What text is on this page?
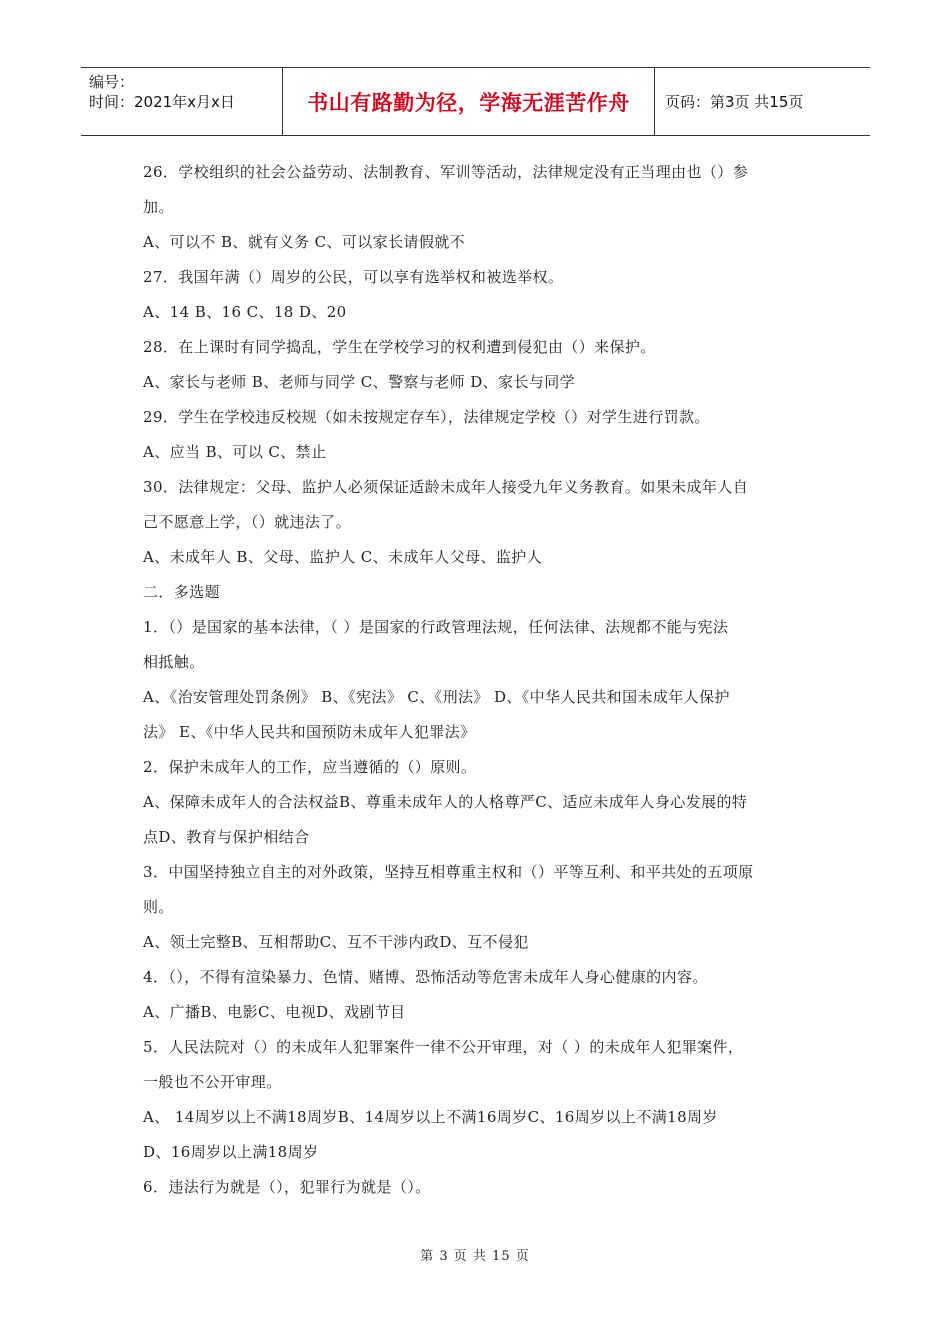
编号：
时间：2021年x月x日	书山有路勤为径，学海无涯苦作舟	页码：第3页 共15页
26．学校组织的社会公益劳动、法制教育、军训等活动，法律规定没有正当理由也（）参
加。
A、可以不 B、就有义务 C、可以家长请假就不
27．我国年满（）周岁的公民，可以享有选举权和被选举权。
A、14 B、16 C、18 D、20
28．在上课时有同学捣乱，学生在学校学习的权利遭到侵犯由（）来保护。
A、家长与老师 B、老师与同学 C、警察与老师 D、家长与同学
29．学生在学校违反校规（如未按规定存车），法律规定学校（）对学生进行罚款。
A、应当 B、可以 C、禁止
30．法律规定：父母、监护人必须保证适龄未成年人接受九年义务教育。如果未成年人自
己不愿意上学，（）就违法了。
A、未成年人 B、父母、监护人 C、未成年人父母、监护人
二．多选题
1．（）是国家的基本法律，（ ）是国家的行政管理法规，任何法律、法规都不能与宪法
相抵触。
A、《治安管理处罚条例》 B、《宪法》 C、《刑法》 D、《中华人民共和国未成年人保护
法》 E、《中华人民共和国预防未成年人犯罪法》
2．保护未成年人的工作，应当遵循的（）原则。
A、保障未成年人的合法权益B、尊重未成年人的人格尊严C、适应未成年人身心发展的特
点D、教育与保护相结合
3．中国坚持独立自主的对外政策，坚持互相尊重主权和（）平等互利、和平共处的五项原
则。
A、领土完整B、互相帮助C、互不干涉内政D、互不侵犯
4．（），不得有渲染暴力、色情、赌博、恐怖活动等危害未成年人身心健康的内容。
A、广播B、电影C、电视D、戏剧节目
5．人民法院对（）的未成年人犯罪案件一律不公开审理，对（ ）的未成年人犯罪案件，
一般也不公开审理。
A、 14周岁以上不满18周岁B、14周岁以上不满16周岁C、16周岁以上不满18周岁
D、16周岁以上满18周岁
6．违法行为就是（），犯罪行为就是（）。
第 3 页 共 15 页
